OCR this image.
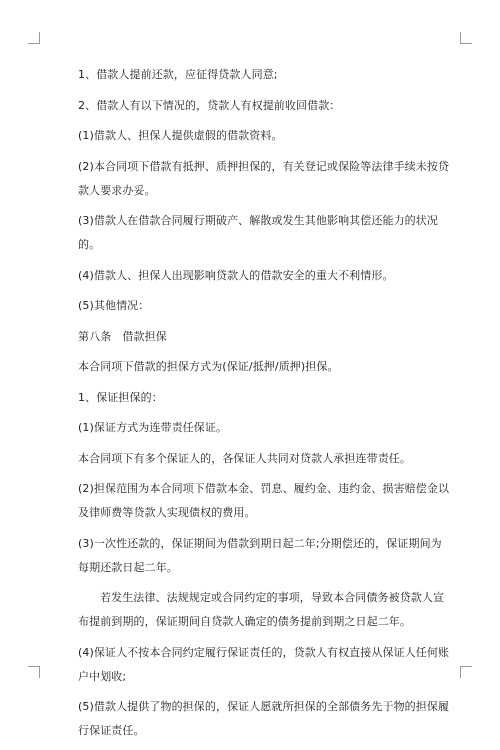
1、借款人提前还款，应征得贷款人同意;

2、借款人有以下情况的，贷款人有权提前收回借款：

(1)借款人、担保人提供虚假的借款资料。

(2)本合同项下借款有抵押、质押担保的，有关登记或保险等法律手续未按贷款人要求办妥。

(3)借款人在借款合同履行期破产、解散或发生其他影响其偿还能力的状况的。

(4)借款人、担保人出现影响贷款人的借款安全的重大不利情形。

(5)其他情况：

第八条　借款担保

本合同项下借款的担保方式为(保证/抵押/质押)担保。

1、保证担保的：

(1)保证方式为连带责任保证。

本合同项下有多个保证人的，各保证人共同对贷款人承担连带责任。

(2)担保范围为本合同项下借款本金、罚息、履约金、违约金、损害赔偿金以及律师费等贷款人实现债权的费用。

(3)一次性还款的，保证期间为借款到期日起二年;分期偿还的，保证期间为每期还款日起二年。

若发生法律、法规规定或合同约定的事项，导致本合同债务被贷款人宣布提前到期的，保证期间自贷款人确定的债务提前到期之日起二年。

(4)保证人不按本合同约定履行保证责任的，贷款人有权直接从保证人任何账户中划收;

(5)借款人提供了物的担保的，保证人愿就所担保的全部债务先于物的担保履行保证责任。
